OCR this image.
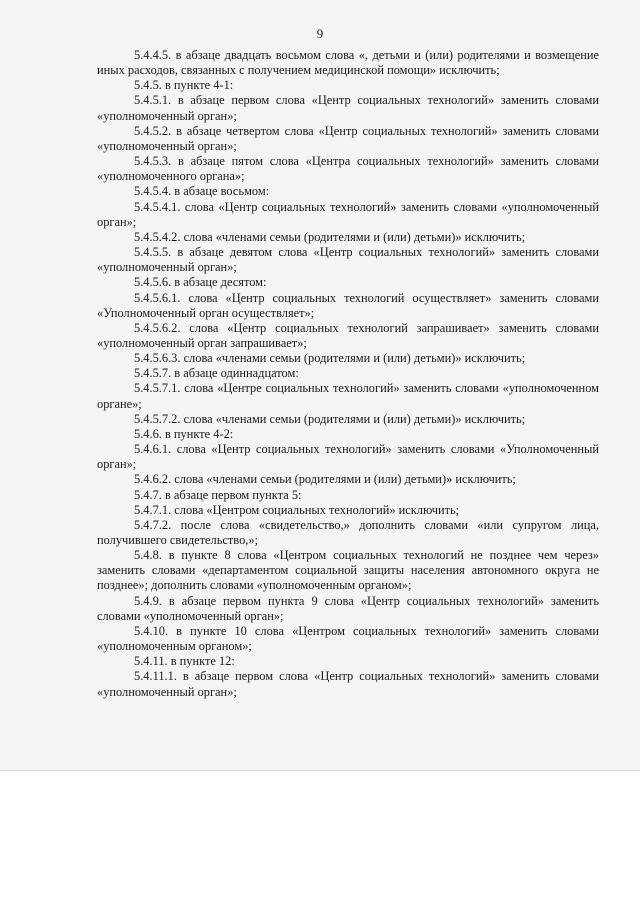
9

5.4.4.5. в абзаце двадцать восьмом слова «, детьми и (или) родителями и возмещение иных расходов, связанных с получением медицинской помощи» исключить;

5.4.5. в пункте 4-1:

5.4.5.1. в абзаце первом слова «Центр социальных технологий» заменить словами «уполномоченный орган»;

5.4.5.2. в абзаце четвертом слова «Центр социальных технологий» заменить словами «уполномоченный орган»;

5.4.5.3. в абзаце пятом слова «Центра социальных технологий» заменить словами «уполномоченного органа»;

5.4.5.4. в абзаце восьмом:

5.4.5.4.1. слова «Центр социальных технологий» заменить словами «уполномоченный орган»;

5.4.5.4.2. слова «членами семьи (родителями и (или) детьми)» исключить;

5.4.5.5. в абзаце девятом слова «Центр социальных технологий» заменить словами «уполномоченный орган»;

5.4.5.6. в абзаце десятом:

5.4.5.6.1. слова «Центр социальных технологий осуществляет» заменить словами «Уполномоченный орган осуществляет»;

5.4.5.6.2. слова «Центр социальных технологий запрашивает» заменить словами «уполномоченный орган запрашивает»;

5.4.5.6.3. слова «членами семьи (родителями и (или) детьми)» исключить;

5.4.5.7. в абзаце одиннадцатом:

5.4.5.7.1. слова «Центре социальных технологий» заменить словами «уполномоченном органе»;

5.4.5.7.2. слова «членами семьи (родителями и (или) детьми)» исключить;

5.4.6. в пункте 4-2:

5.4.6.1. слова «Центр социальных технологий» заменить словами «Уполномоченный орган»;

5.4.6.2. слова «членами семьи (родителями и (или) детьми)» исключить;

5.4.7. в абзаце первом пункта 5:

5.4.7.1. слова «Центром социальных технологий» исключить;

5.4.7.2. после слова «свидетельство,» дополнить словами «или супругом лица, получившего свидетельство,»;

5.4.8. в пункте 8 слова «Центром социальных технологий не позднее чем через» заменить словами «департаментом социальной защиты населения автономного округа не позднее»; дополнить словами «уполномоченным органом»;

5.4.9. в абзаце первом пункта 9 слова «Центр социальных технологий» заменить словами «уполномоченный орган»;

5.4.10. в пункте 10 слова «Центром социальных технологий» заменить словами «уполномоченным органом»;

5.4.11. в пункте 12:

5.4.11.1. в абзаце первом слова «Центр социальных технологий» заменить словами «уполномоченный орган»;
